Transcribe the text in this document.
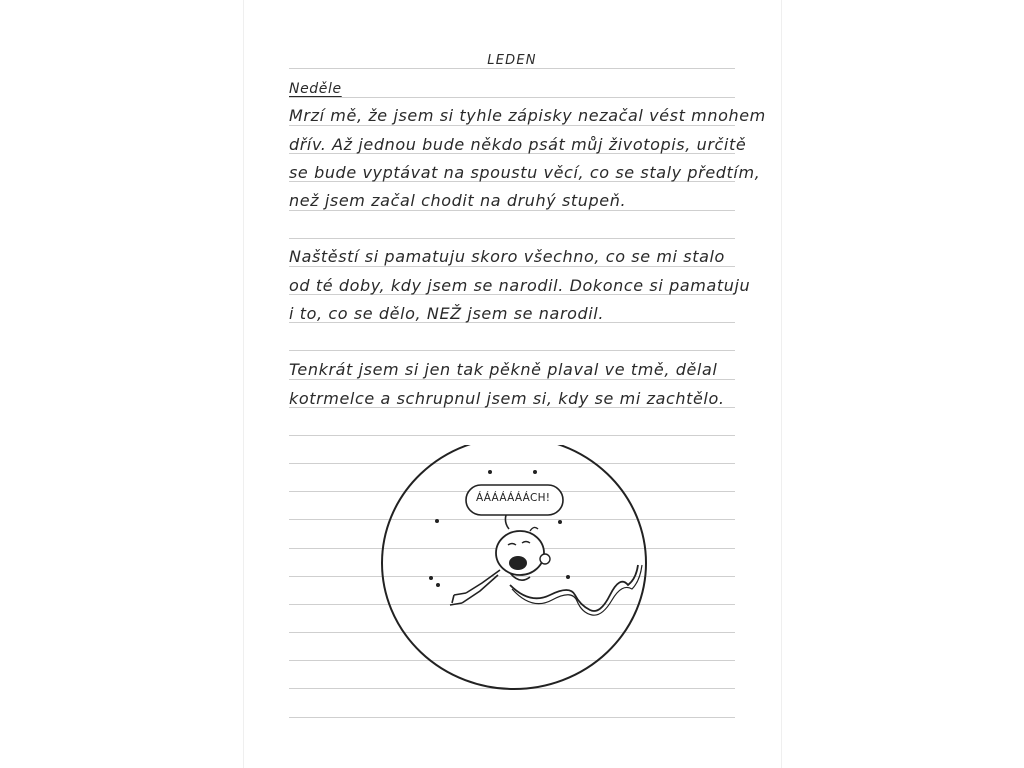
LEDEN
Neděle
Mrzí mě, že jsem si tyhle zápisky nezačal vést mnohem
dřív. Až jednou bude někdo psát můj životopis, určitě
se bude vyptávat na spoustu věcí, co se staly předtím,
než jsem začal chodit na druhý stupeň.
Naštěstí si pamatuju skoro všechno, co se mi stalo
od té doby, kdy jsem se narodil. Dokonce si pamatuju
i to, co se dělo, NEŽ jsem se narodil.
Tenkrát jsem si jen tak pěkně plaval ve tmě, dělal
kotrmelce a schrupnul jsem si, kdy se mi zachtělo.
ÁÁÁÁÁÁÁCH!
